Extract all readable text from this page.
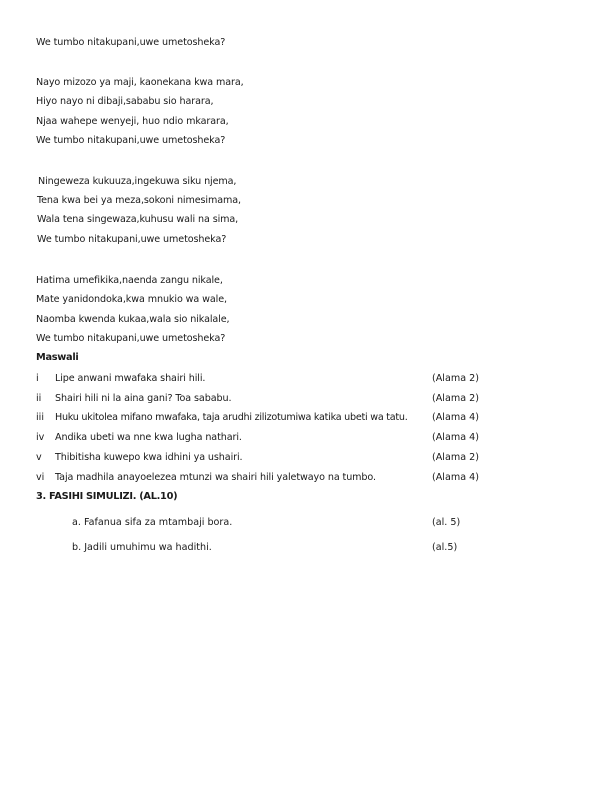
We tumbo nitakupani,uwe umetosheka?
Nayo mizozo ya maji, kaonekana kwa mara,
Hiyo nayo ni dibaji,sababu sio harara,
Njaa wahepe wenyeji, huo ndio mkarara,
We tumbo nitakupani,uwe umetosheka?
Ningeweza kukuuza,ingekuwa siku njema,
Tena kwa bei ya meza,sokoni nimesimama,
Wala tena singewaza,kuhusu wali na sima,
We tumbo nitakupani,uwe umetosheka?
Hatima umefikika,naenda zangu nikale,
Mate yanidondoka,kwa mnukio wa wale,
Naomba kwenda kukaa,wala sio nikalale,
We tumbo nitakupani,uwe umetosheka?
Maswali
i Lipe anwani mwafaka shairi hili.	(Alama 2)
ii Shairi hili ni la aina gani? Toa sababu.	(Alama 2)
iii Huku ukitolea mifano mwafaka, taja arudhi zilizotumiwa katika ubeti wa tatu.	(Alama 4)
iv Andika ubeti wa nne kwa lugha nathari.	(Alama 4)
v Thibitisha kuwepo kwa idhini ya ushairi.	(Alama 2)
vi Taja madhila anayoelezea mtunzi wa shairi hili yaletwayo na tumbo.	(Alama 4)
3. FASIHI SIMULIZI. (AL.10)
a. Fafanua sifa za mtambaji bora.	(al. 5)
b. Jadili umuhimu wa hadithi.	(al.5)
